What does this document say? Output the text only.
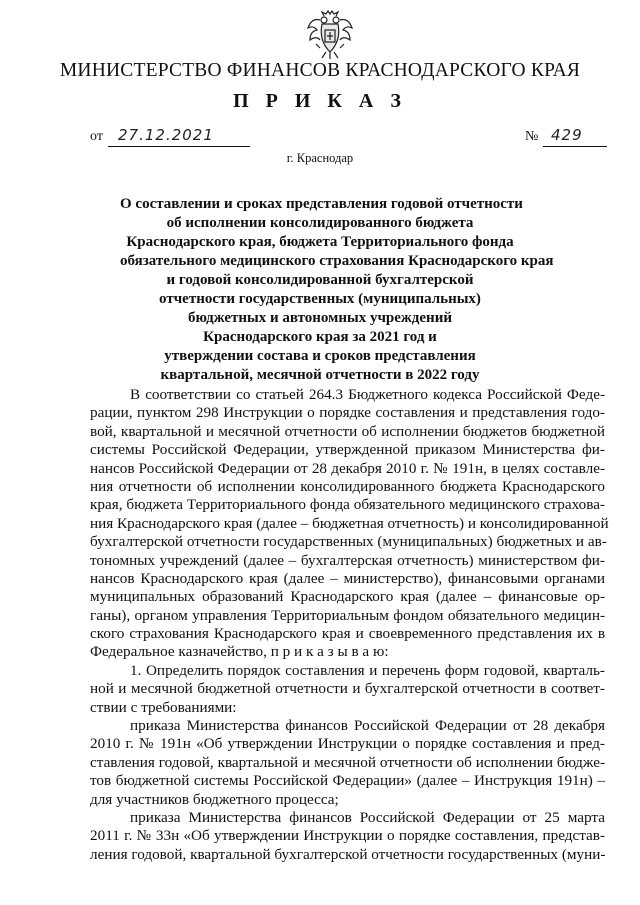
МИНИСТЕРСТВО ФИНАНСОВ КРАСНОДАРСКОГО КРАЯ
П Р И К А З
от 27.12.2021	№ 429
г. Краснодар
О составлении и сроках представления годовой отчетности
об исполнении консолидированного бюджета
Краснодарского края, бюджета Территориального фонда
обязательного медицинского страхования Краснодарского края
и годовой консолидированной бухгалтерской
отчетности государственных (муниципальных)
бюджетных и автономных учреждений
Краснодарского края за 2021 год и
утверждении состава и сроков представления
квартальной, месячной отчетности в 2022 году
В соответствии со статьей 264.3 Бюджетного кодекса Российской Феде-
рации, пунктом 298 Инструкции о порядке составления и представления годо-
вой, квартальной и месячной отчетности об исполнении бюджетов бюджетной
системы Российской Федерации, утвержденной приказом Министерства фи-
нансов Российской Федерации от 28 декабря 2010 г. № 191н, в целях составле-
ния отчетности об исполнении консолидированного бюджета Краснодарского
края, бюджета Территориального фонда обязательного медицинского страхова-
ния Краснодарского края (далее – бюджетная отчетность) и консолидированной
бухгалтерской отчетности государственных (муниципальных) бюджетных и ав-
тономных учреждений (далее – бухгалтерская отчетность) министерством фи-
нансов Краснодарского края (далее – министерство), финансовыми органами
муниципальных образований Краснодарского края (далее – финансовые ор-
ганы), органом управления Территориальным фондом обязательного медицин-
ского страхования Краснодарского края и своевременного представления их в
Федеральное казначейство, п р и к а з ы в а ю:
1. Определить порядок составления и перечень форм годовой, кварталь-
ной и месячной бюджетной отчетности и бухгалтерской отчетности в соответ-
ствии с требованиями:
приказа Министерства финансов Российской Федерации от 28 декабря
2010 г. № 191н «Об утверждении Инструкции о порядке составления и пред-
ставления годовой, квартальной и месячной отчетности об исполнении бюдже-
тов бюджетной системы Российской Федерации» (далее – Инструкция 191н) –
для участников бюджетного процесса;
приказа Министерства финансов Российской Федерации от 25 марта
2011 г. № 33н «Об утверждении Инструкции о порядке составления, представ-
ления годовой, квартальной бухгалтерской отчетности государственных (муни-
